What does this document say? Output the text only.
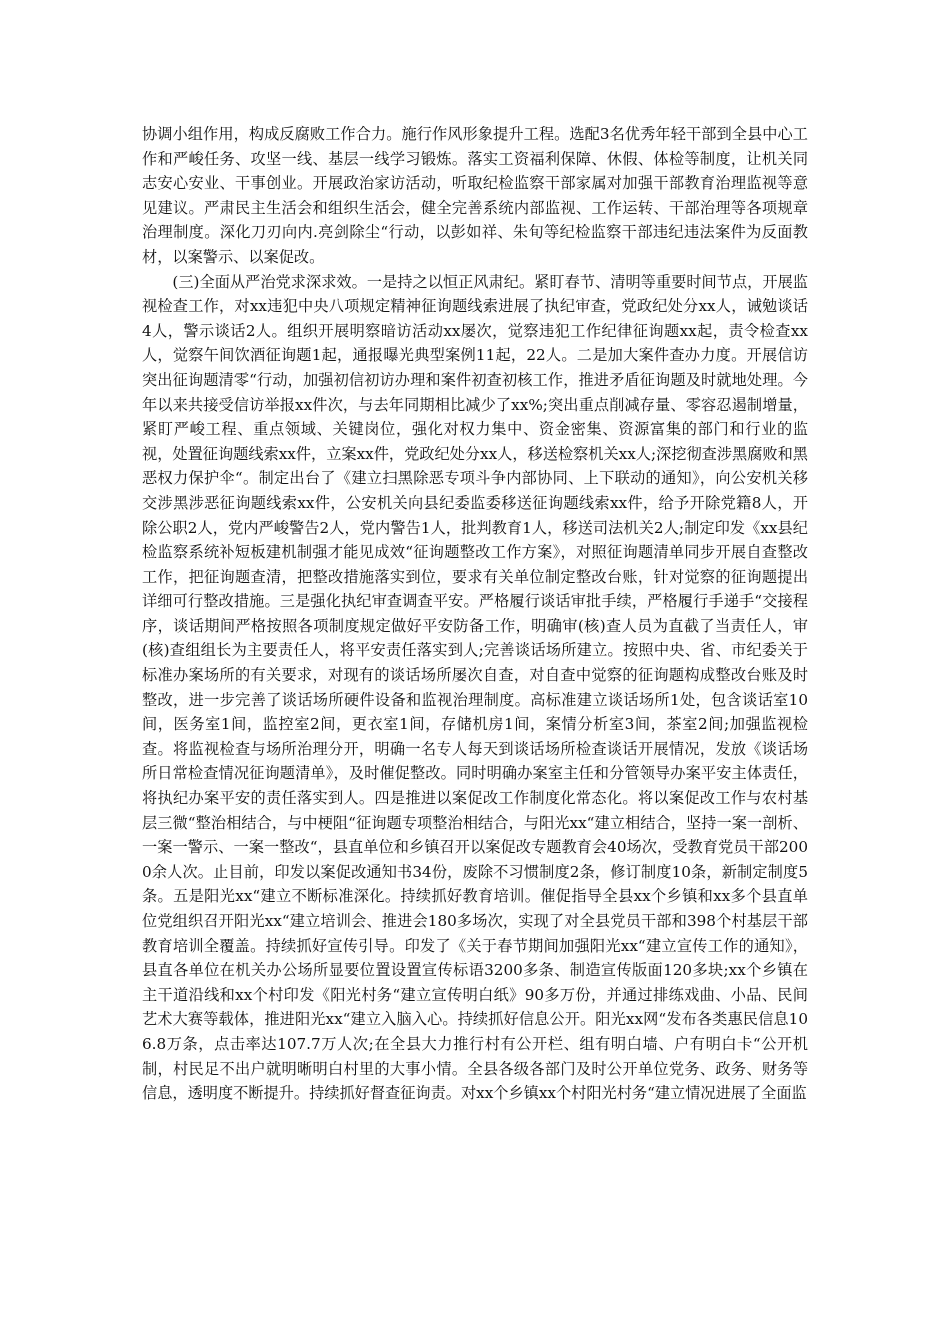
协调小组作用，构成反腐败工作合力。施行作风形象提升工程。选配3名优秀年轻干部到全县中心工作和严峻任务、攻坚一线、基层一线学习锻炼。落实工资福利保障、休假、体检等制度，让机关同志安心安业、干事创业。开展政治家访活动，听取纪检监察干部家属对加强干部教育治理监视等意见建议。严肃民主生活会和组织生活会，健全完善系统内部监视、工作运转、干部治理等各项规章治理制度。深化刀刃向内.亮剑除尘“行动，以彭如祥、朱旬等纪检监察干部违纪违法案件为反面教材，以案警示、以案促改。

(三)全面从严治党求深求效。一是持之以恒正风肃纪。紧盯春节、清明等重要时间节点，开展监视检查工作，对xx违犯中央八项规定精神征询题线索进展了执纪审查，党政纪处分xx人，诫勉谈话4人，警示谈话2人。组织开展明察暗访活动xx屡次，觉察违犯工作纪律征询题xx起，责令检查xx人，觉察午间饮酒征询题1起，通报曝光典型案例11起，22人。二是加大案件查办力度。开展信访突出征询题清零“行动，加强初信初访办理和案件初查初核工作，推进矛盾征询题及时就地处理。今年以来共接受信访举报xx件次，与去年同期相比减少了xx%;突出重点削减存量、零容忍遏制增量，紧盯严峻工程、重点领域、关键岗位，强化对权力集中、资金密集、资源富集的部门和行业的监视，处置征询题线索xx件，立案xx件，党政纪处分xx人，移送检察机关xx人;深挖彻查涉黑腐败和黑恶权力保护伞“。制定出台了《建立扫黑除恶专项斗争内部协同、上下联动的通知》，向公安机关移交涉黑涉恶征询题线索xx件，公安机关向县纪委监委移送征询题线索xx件，给予开除党籍8人，开除公职2人，党内严峻警告2人，党内警告1人，批判教育1人，移送司法机关2人;制定印发《xx县纪检监察系统补短板建机制强才能见成效“征询题整改工作方案》，对照征询题清单同步开展自查整改工作，把征询题查清，把整改措施落实到位，要求有关单位制定整改台账，针对觉察的征询题提出详细可行整改措施。三是强化执纪审查调查平安。严格履行谈话审批手续，严格履行手递手“交接程序，谈话期间严格按照各项制度规定做好平安防备工作，明确审(核)查人员为直截了当责任人，审(核)查组组长为主要责任人，将平安责任落实到人;完善谈话场所建立。按照中央、省、市纪委关于标准办案场所的有关要求，对现有的谈话场所屡次自查，对自查中觉察的征询题构成整改台账及时整改，进一步完善了谈话场所硬件设备和监视治理制度。高标准建立谈话场所1处，包含谈话室10间，医务室1间，监控室2间，更衣室1间，存储机房1间，案情分析室3间，茶室2间;加强监视检查。将监视检查与场所治理分开，明确一名专人每天到谈话场所检查谈话开展情况，发放《谈话场所日常检查情况征询题清单》，及时催促整改。同时明确办案室主任和分管领导办案平安主体责任，将执纪办案平安的责任落实到人。四是推进以案促改工作制度化常态化。将以案促改工作与农村基层三微“整治相结合，与中梗阻“征询题专项整治相结合，与阳光xx“建立相结合，坚持一案一剖析、一案一警示、一案一整改“，县直单位和乡镇召开以案促改专题教育会40场次，受教育党员干部2000余人次。止目前，印发以案促改通知书34份，废除不习惯制度2条，修订制度10条，新制定制度5条。五是阳光xx“建立不断标准深化。持续抓好教育培训。催促指导全县xx个乡镇和xx多个县直单位党组织召开阳光xx“建立培训会、推进会180多场次，实现了对全县党员干部和398个村基层干部教育培训全覆盖。持续抓好宣传引导。印发了《关于春节期间加强阳光xx“建立宣传工作的通知》，县直各单位在机关办公场所显要位置设置宣传标语3200多条、制造宣传版面120多块;xx个乡镇在主干道沿线和xx个村印发《阳光村务“建立宣传明白纸》90多万份，并通过排练戏曲、小品、民间艺术大赛等载体，推进阳光xx“建立入脑入心。持续抓好信息公开。阳光xx网“发布各类惠民信息106.8万条，点击率达107.7万人次;在全县大力推行村有公开栏、组有明白墙、户有明白卡“公开机制，村民足不出户就明晰明白村里的大事小情。全县各级各部门及时公开单位党务、政务、财务等信息，透明度不断提升。持续抓好督查征询责。对xx个乡镇xx个村阳光村务“建立情况进展了全面监
